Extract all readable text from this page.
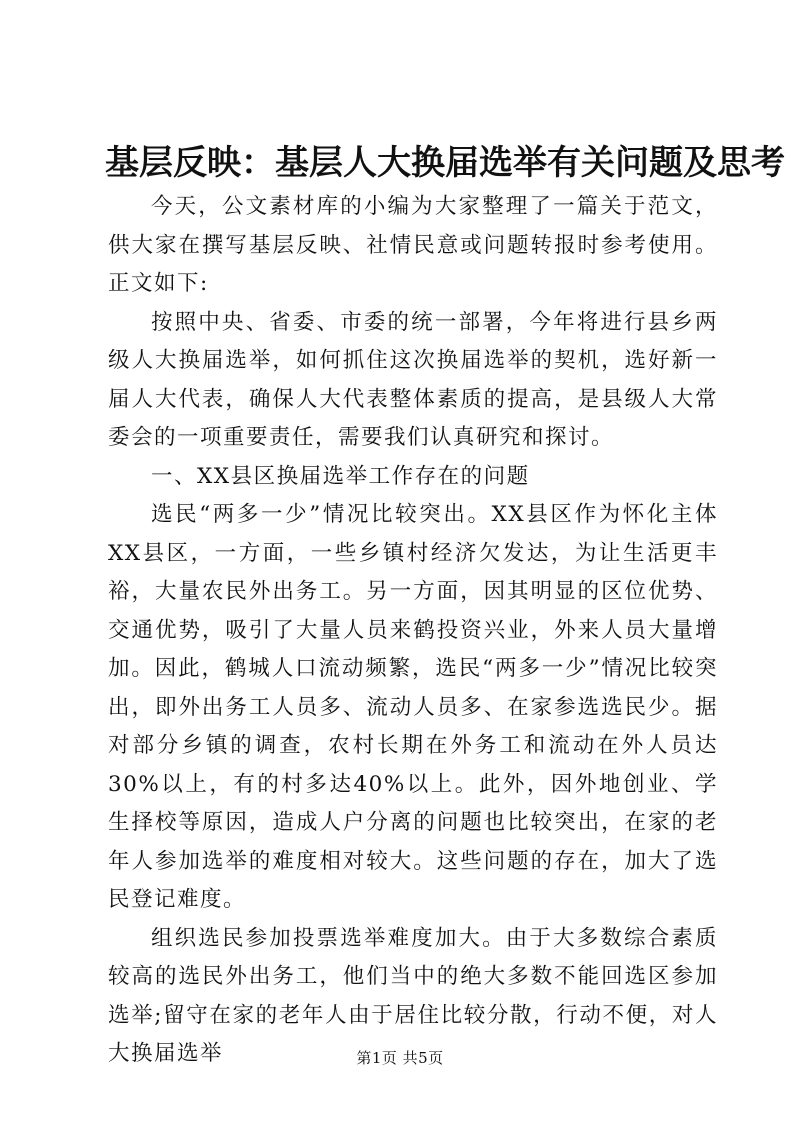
基层反映：基层人大换届选举有关问题及思考

今天，公文素材库的小编为大家整理了一篇关于范文，供大家在撰写基层反映、社情民意或问题转报时参考使用。正文如下:

按照中央、省委、市委的统一部署，今年将进行县乡两级人大换届选举，如何抓住这次换届选举的契机，选好新一届人大代表，确保人大代表整体素质的提高，是县级人大常委会的一项重要责任，需要我们认真研究和探讨。

一、XX县区换届选举工作存在的问题

选民“两多一少”情况比较突出。XX县区作为怀化主体XX县区，一方面，一些乡镇村经济欠发达，为让生活更丰裕，大量农民外出务工。另一方面，因其明显的区位优势、交通优势，吸引了大量人员来鹤投资兴业，外来人员大量增加。因此，鹤城人口流动频繁，选民“两多一少”情况比较突出，即外出务工人员多、流动人员多、在家参选选民少。据对部分乡镇的调查，农村长期在外务工和流动在外人员达30%以上，有的村多达40%以上。此外，因外地创业、学生择校等原因，造成人户分离的问题也比较突出，在家的老年人参加选举的难度相对较大。这些问题的存在，加大了选民登记难度。

组织选民参加投票选举难度加大。由于大多数综合素质较高的选民外出务工，他们当中的绝大多数不能回选区参加选举;留守在家的老年人由于居住比较分散，行动不便，对人大换届选举	第1页 共5页
